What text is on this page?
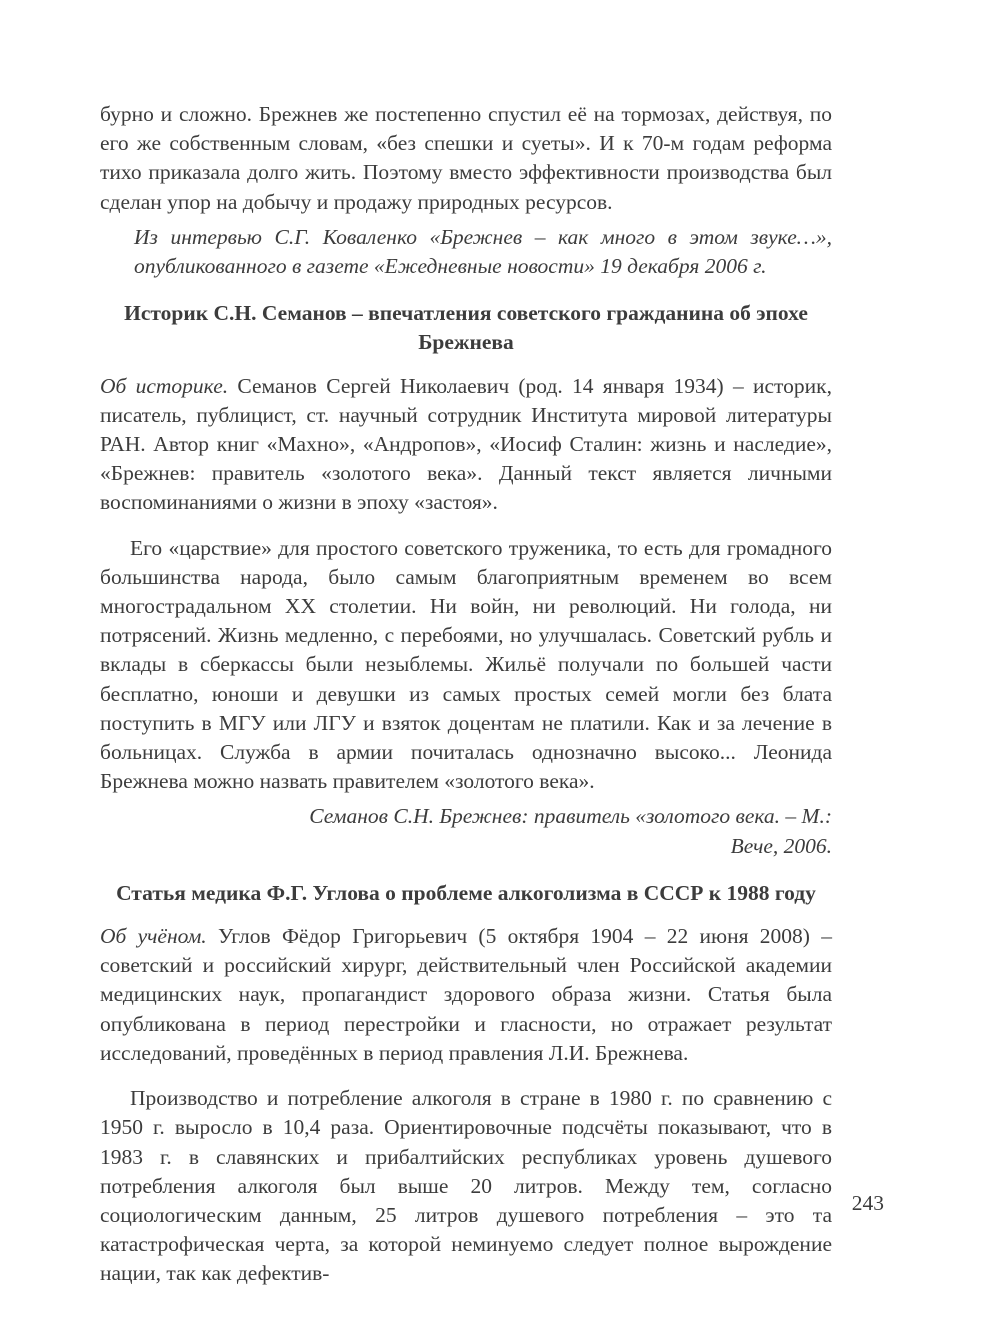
бурно и сложно. Брежнев же постепенно спустил её на тормозах, действуя, по его же собственным словам, «без спешки и суеты». И к 70-м годам реформа тихо приказала долго жить. Поэтому вместо эффективности производства был сделан упор на добычу и продажу природных ресурсов.

Из интервью С.Г. Коваленко «Брежнев – как много в этом звуке…», опубликованного в газете «Ежедневные новости» 19 декабря 2006 г.

Историк С.Н. Семанов – впечатления советского гражданина об эпохе Брежнева

Об историке. Семанов Сергей Николаевич (род. 14 января 1934) – историк, писатель, публицист, ст. научный сотрудник Института мировой литературы РАН. Автор книг «Махно», «Андропов», «Иосиф Сталин: жизнь и наследие», «Брежнев: правитель «золотого века». Данный текст является личными воспоминаниями о жизни в эпоху «застоя».

Его «царствие» для простого советского труженика, то есть для громадного большинства народа, было самым благоприятным временем во всем многострадальном XX столетии. Ни войн, ни революций. Ни голода, ни потрясений. Жизнь медленно, с перебоями, но улучшалась. Советский рубль и вклады в сберкассы были незыблемы. Жильё получали по большей части бесплатно, юноши и девушки из самых простых семей могли без блата поступить в МГУ или ЛГУ и взяток доцентам не платили. Как и за лечение в больницах. Служба в армии почиталась однозначно высоко... Леонида Брежнева можно назвать правителем «золотого века».

Семанов С.Н. Брежнев: правитель «золотого века. – М.: Вече, 2006.

Статья медика Ф.Г. Углова о проблеме алкоголизма в СССР к 1988 году

Об учёном. Углов Фёдор Григорьевич (5 октября 1904 – 22 июня 2008) – советский и российский хирург, действительный член Российской академии медицинских наук, пропагандист здорового образа жизни. Статья была опубликована в период перестройки и гласности, но отражает результат исследований, проведённых в период правления Л.И. Брежнева.

Производство и потребление алкоголя в стране в 1980 г. по сравнению с 1950 г. выросло в 10,4 раза. Ориентировочные подсчёты показывают, что в 1983 г. в славянских и прибалтийских республиках уровень душевого потребления алкоголя был выше 20 литров. Между тем, согласно социологическим данным, 25 литров душевого потребления – это та катастрофическая черта, за которой неминуемо следует полное вырождение нации, так как дефектив-

243
